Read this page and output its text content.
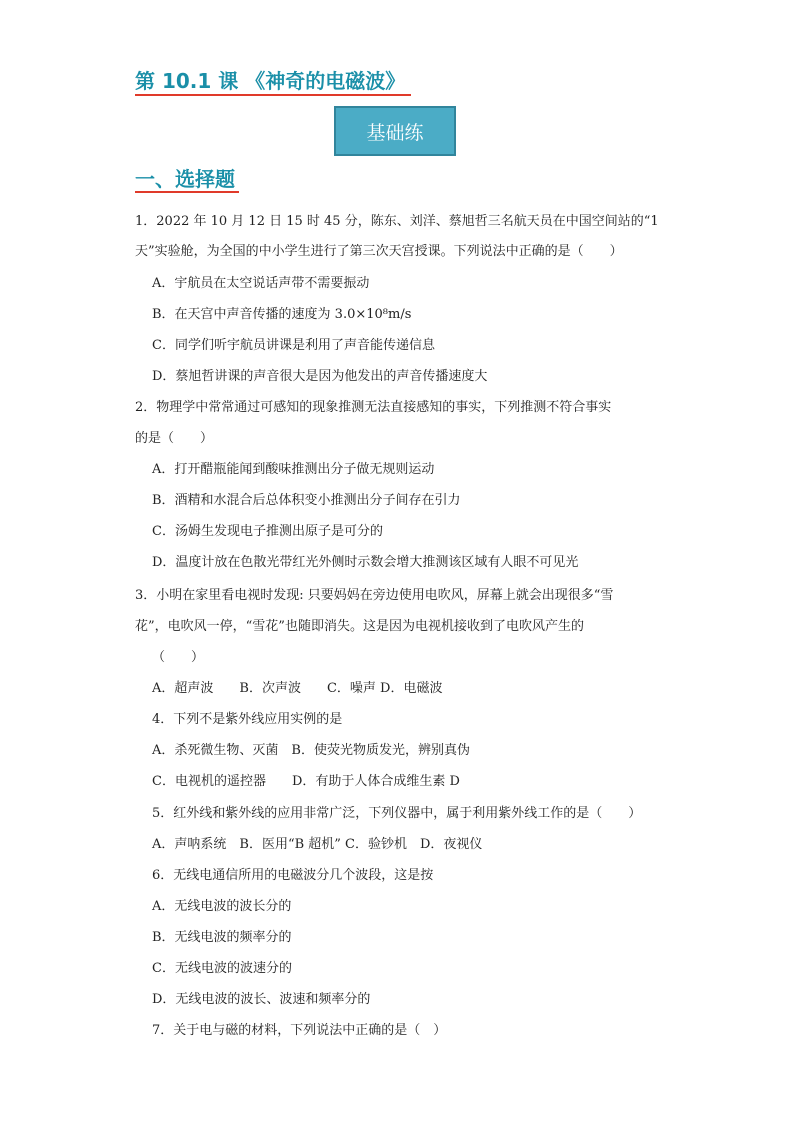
第 10.1 课 《神奇的电磁波》
基础练
一、选择题
1．2022 年 10 月 12 日 15 时 45 分，陈东、刘洋、蔡旭哲三名航天员在中国空间站的“1
天”实验舱，为全国的中小学生进行了第三次天宫授课。下列说法中正确的是（　　）
A．宇航员在太空说话声带不需要振动
B．在天宫中声音传播的速度为 3.0×10⁸m/s
C．同学们听宇航员讲课是利用了声音能传递信息
D．蔡旭哲讲课的声音很大是因为他发出的声音传播速度大
2．物理学中常常通过可感知的现象推测无法直接感知的事实，下列推测不符合事实
的是（　　）
A．打开醋瓶能闻到酸味推测出分子做无规则运动
B．酒精和水混合后总体积变小推测出分子间存在引力
C．汤姆生发现电子推测出原子是可分的
D．温度计放在色散光带红光外侧时示数会增大推测该区域有人眼不可见光
3．小明在家里看电视时发现: 只要妈妈在旁边使用电吹风，屏幕上就会出现很多“雪
花”，电吹风一停，“雪花”也随即消失。这是因为电视机接收到了电吹风产生的
（　　）
A．超声波　　B．次声波　　C．噪声 D．电磁波
4．下列不是紫外线应用实例的是
A．杀死微生物、灭菌　B．使荧光物质发光，辨别真伪
C．电视机的遥控器　　D．有助于人体合成维生素 D
5．红外线和紫外线的应用非常广泛，下列仪器中，属于利用紫外线工作的是（　　）
A．声呐系统　B．医用“B 超机” C．验钞机　D．夜视仪
6．无线电通信所用的电磁波分几个波段，这是按
A．无线电波的波长分的
B．无线电波的频率分的
C．无线电波的波速分的
D．无线电波的波长、波速和频率分的
7．关于电与磁的材料，下列说法中正确的是（　）
